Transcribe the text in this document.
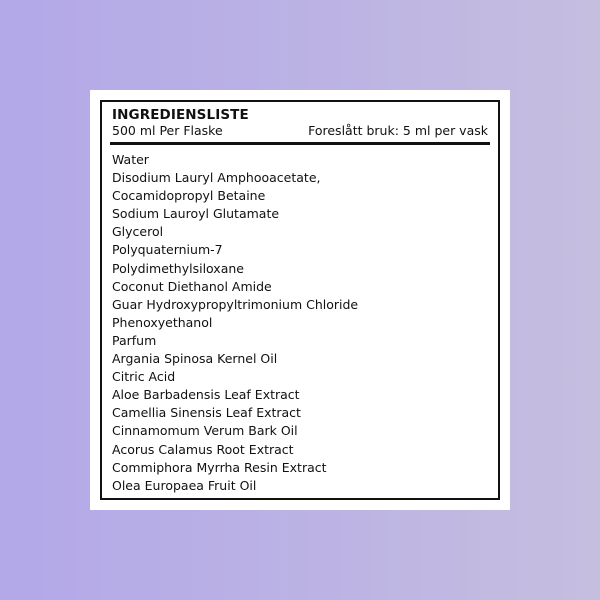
INGREDIENSLISTE
500 ml Per Flaske	Foreslått bruk: 5 ml per vask
Water
Disodium Lauryl Amphooacetate,
Cocamidopropyl Betaine
Sodium Lauroyl Glutamate
Glycerol
Polyquaternium-7
Polydimethylsiloxane
Coconut Diethanol Amide
Guar Hydroxypropyltrimonium Chloride
Phenoxyethanol
Parfum
Argania Spinosa Kernel Oil
Citric Acid
Aloe Barbadensis Leaf Extract
Camellia Sinensis Leaf Extract
Cinnamomum Verum Bark Oil
Acorus Calamus Root Extract
Commiphora Myrrha Resin Extract
Olea Europaea Fruit Oil
